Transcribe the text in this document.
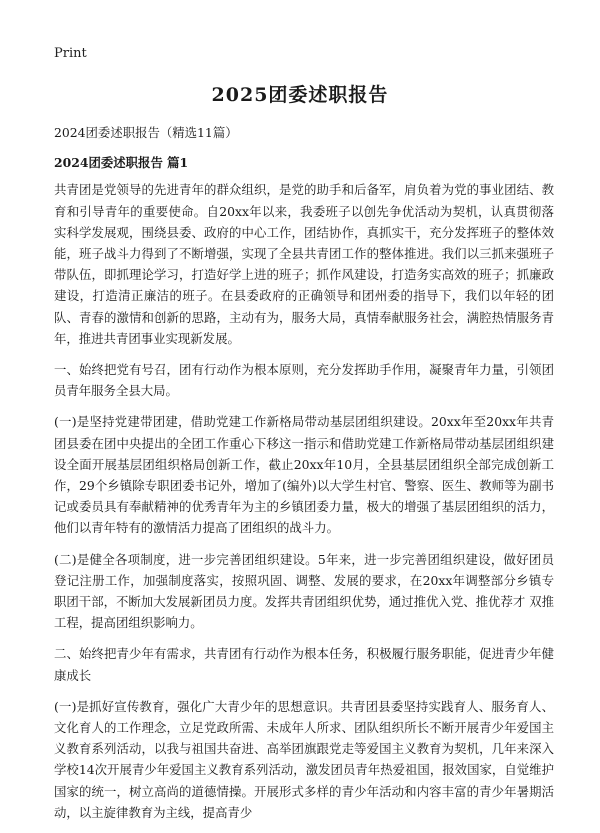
Print
2025团委述职报告

2024团委述职报告（精选11篇）

2024团委述职报告 篇1

共青团是党领导的先进青年的群众组织，是党的助手和后备军，肩负着为党的事业团结、教育和引导青年的重要使命。自20xx年以来，我委班子以创先争优活动为契机，认真贯彻落实科学发展观，围绕县委、政府的中心工作，团结协作，真抓实干，充分发挥班子的整体效能，班子战斗力得到了不断增强，实现了全县共青团工作的整体推进。我们以三抓来强班子带队伍，即抓理论学习，打造好学上进的班子；抓作风建设，打造务实高效的班子；抓廉政建设，打造清正廉洁的班子。在县委政府的正确领导和团州委的指导下，我们以年轻的团队、青春的激情和创新的思路，主动有为，服务大局，真情奉献服务社会，满腔热情服务青年，推进共青团事业实现新发展。

一、始终把党有号召，团有行动作为根本原则，充分发挥助手作用，凝聚青年力量，引领团员青年服务全县大局。

(一)是坚持党建带团建，借助党建工作新格局带动基层团组织建设。20xx年至20xx年共青团县委在团中央提出的全团工作重心下移这一指示和借助党建工作新格局带动基层团组织建设全面开展基层团组织格局创新工作，截止20xx年10月，全县基层团组织全部完成创新工作，29个乡镇除专职团委书记外，增加了(编外)以大学生村官、警察、医生、教师等为副书记或委员具有奉献精神的优秀青年为主的乡镇团委力量，极大的增强了基层团组织的活力，他们以青年特有的激情活力提高了团组织的战斗力。

(二)是健全各项制度，进一步完善团组织建设。5年来，进一步完善团组织建设，做好团员登记注册工作，加强制度落实，按照巩固、调整、发展的要求，在20xx年调整部分乡镇专职团干部，不断加大发展新团员力度。发挥共青团组织优势，通过推优入党、推优荐才 双推工程，提高团组织影响力。

二、始终把青少年有需求，共青团有行动作为根本任务，积极履行服务职能，促进青少年健康成长

(一)是抓好宣传教育，强化广大青少年的思想意识。共青团县委坚持实践育人、服务育人、文化育人的工作理念，立足党政所需、未成年人所求、团队组织所长不断开展青少年爱国主义教育系列活动，以我与祖国共奋进、高举团旗跟党走等爱国主义教育为契机，几年来深入学校14次开展青少年爱国主义教育系列活动，激发团员青年热爱祖国，报效国家，自觉维护国家的统一，树立高尚的道德情操。开展形式多样的青少年活动和内容丰富的青少年暑期活动，以主旋律教育为主线，提高青少
